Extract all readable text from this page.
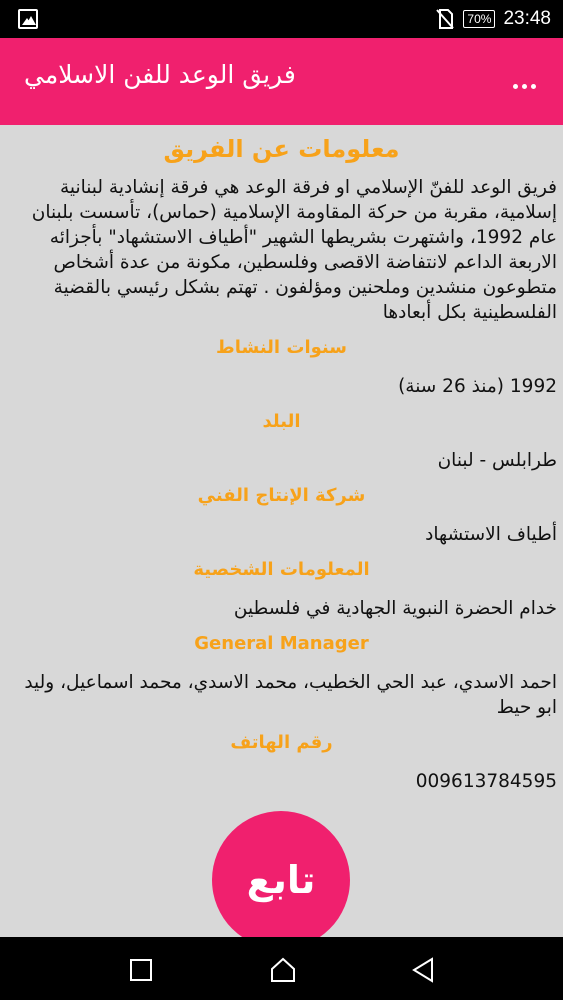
70% 23:48
فريق الوعد للفن الاسلامي
معلومات عن الفريق
فريق الوعد للفنّ الإسلامي او فرقة الوعد هي فرقة إنشادية لبنانية إسلامية، مقربة من حركة المقاومة الإسلامية (حماس)، تأسست بلبنان عام 1992، واشتهرت بشريطها الشهير "أطياف الاستشهاد" بأجزائه الاربعة الداعم لانتفاضة الاقصى وفلسطين، مكونة من عدة أشخاص متطوعون منشدين وملحنين ومؤلفون . تهتم بشكل رئيسي بالقضية الفلسطينية بكل أبعادها
سنوات النشاط
1992 (منذ 26 سنة)
البلد
طرابلس - لبنان
شركة الإنتاج الفني
أطياف الاستشهاد
المعلومات الشخصية
خدام الحضرة النبوية الجهادية في فلسطين
General Manager
احمد الاسدي، عبد الحي الخطيب، محمد الاسدي، محمد اسماعيل، وليد ابو حيط
رقم الهاتف
009613784595
تابع
